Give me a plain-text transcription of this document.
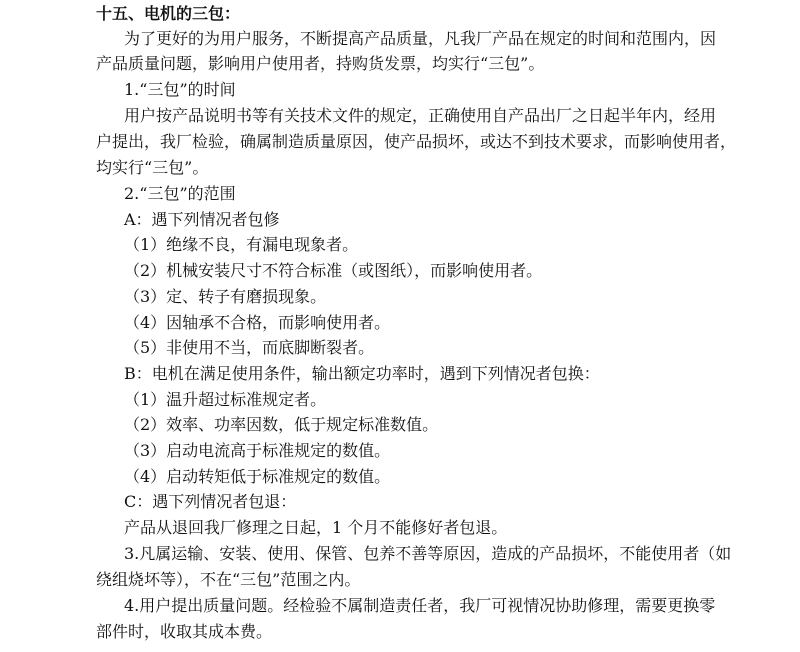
十五、电机的三包：
为了更好的为用户服务，不断提高产品质量，凡我厂产品在规定的时间和范围内，因
产品质量问题，影响用户使用者，持购货发票，均实行“三包”。
1.“三包”的时间
用户按产品说明书等有关技术文件的规定，正确使用自产品出厂之日起半年内，经用
户提出，我厂检验，确属制造质量原因，使产品损坏，或达不到技术要求，而影响使用者，
均实行“三包”。
2.“三包”的范围
A：遇下列情况者包修
（1）绝缘不良，有漏电现象者。
（2）机械安装尺寸不符合标准（或图纸），而影响使用者。
（3）定、转子有磨损现象。
（4）因轴承不合格，而影响使用者。
（5）非使用不当，而底脚断裂者。
B：电机在满足使用条件，输出额定功率时，遇到下列情况者包换：
（1）温升超过标准规定者。
（2）效率、功率因数，低于规定标准数值。
（3）启动电流高于标准规定的数值。
（4）启动转矩低于标准规定的数值。
C：遇下列情况者包退：
产品从退回我厂修理之日起，1 个月不能修好者包退。
3.凡属运输、安装、使用、保管、包养不善等原因，造成的产品损坏，不能使用者（如
绕组烧坏等），不在“三包”范围之内。
4.用户提出质量问题。经检验不属制造责任者，我厂可视情况协助修理，需要更换零
部件时，收取其成本费。
